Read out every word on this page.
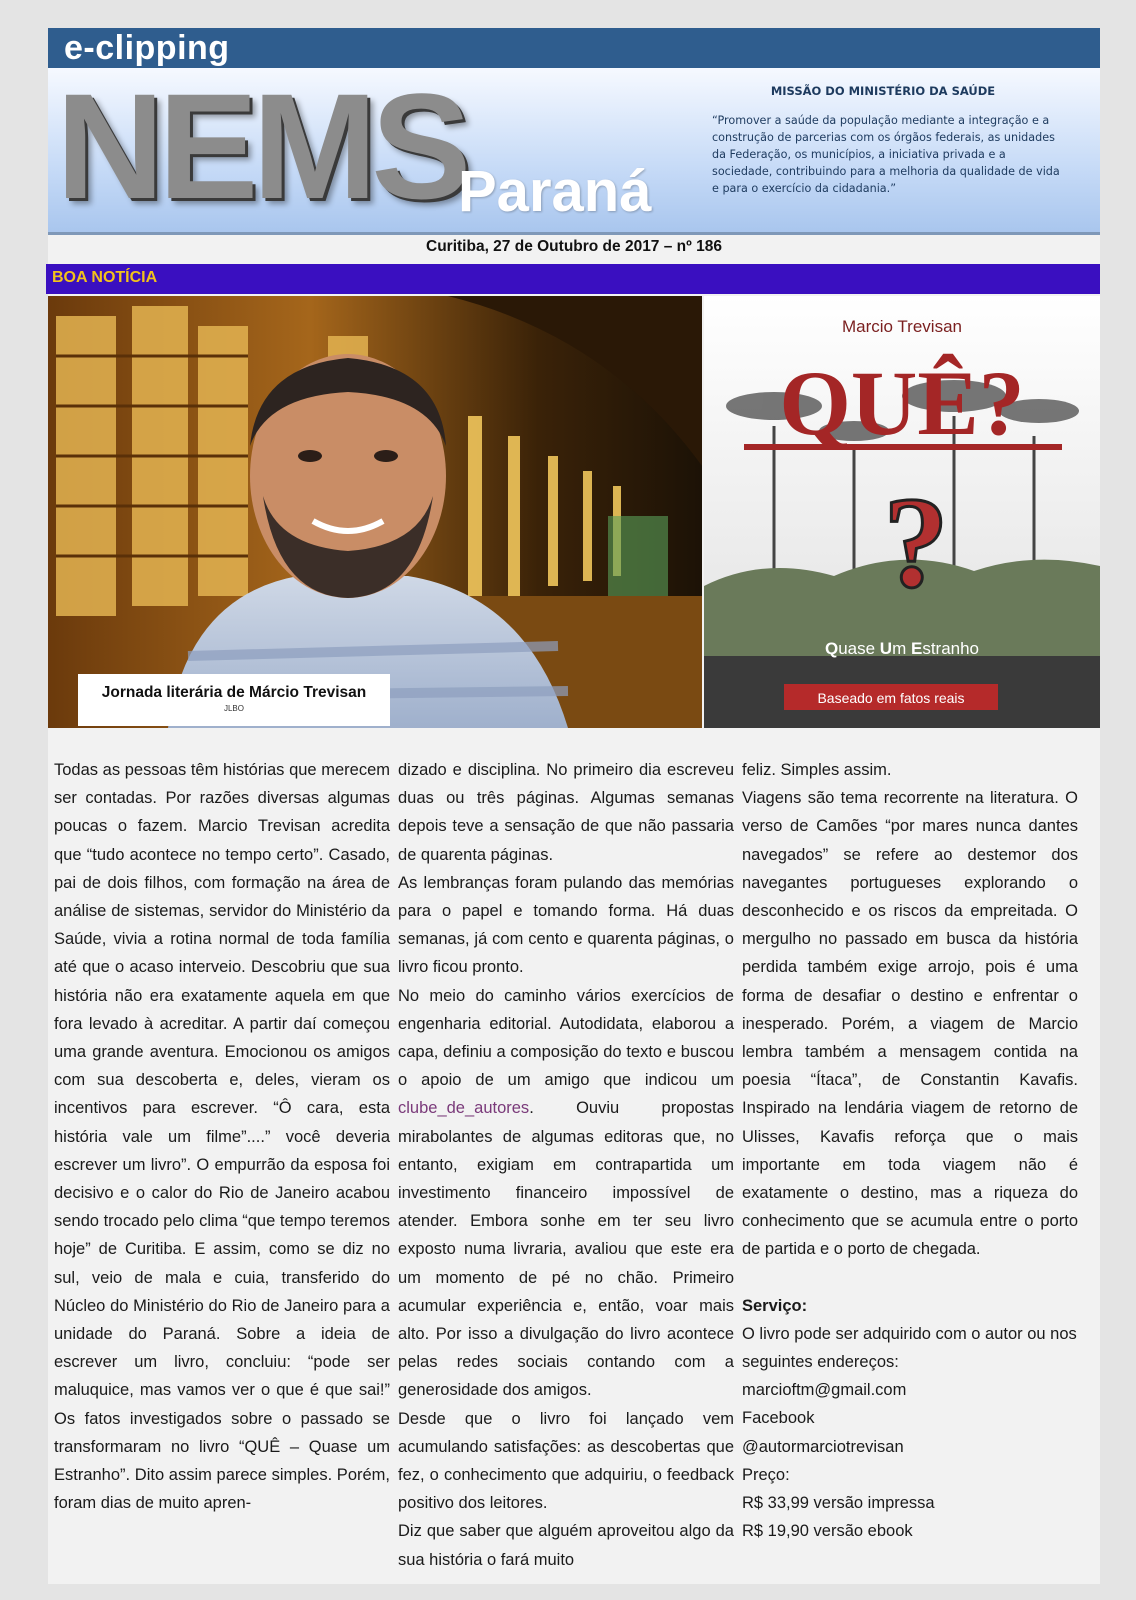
e-clipping
NEMS
Paraná
MISSÃO DO MINISTÉRIO DA SAÚDE
“Promover a saúde da população mediante a integração e a construção de parcerias com os órgãos federais, as unidades da Federação, os municípios, a iniciativa privada e a sociedade, contribuindo para a melhoria da qualidade de vida e para o exercício da cidadania.”
Curitiba, 27 de Outubro de 2017 – nº 186
BOA NOTÍCIA
Jornada literária de Márcio Trevisan
JLBO
Marcio Trevisan
QUÊ?
?
Quase Um Estranho
Baseado em fatos reais

Todas as pessoas têm histórias que merecem ser contadas. Por razões diversas algumas poucas o fazem. Marcio Trevisan acredita que “tudo acontece no tempo certo”. Casado, pai de dois filhos, com formação na área de análise de sistemas, servidor do Ministério da Saúde, vivia a rotina normal de toda família até que o acaso interveio. Descobriu que sua história não era exatamente aquela em que fora levado à acreditar. A partir daí começou uma grande aventura. Emocionou os amigos com sua descoberta e, deles, vieram os incentivos para escrever. “Ô cara, esta história vale um filme”....” você deveria escrever um livro”. O empurrão da esposa foi decisivo e o calor do Rio de Janeiro acabou sendo trocado pelo clima “que tempo teremos hoje” de Curitiba. E assim, como se diz no sul, veio de mala e cuia, transferido do Núcleo do Ministério do Rio de Janeiro para a unidade do Paraná. Sobre a ideia de escrever um livro, concluiu: “pode ser maluquice, mas vamos ver o que é que sai!” Os fatos investigados sobre o passado se transformaram no livro “QUÊ – Quase um Estranho”. Dito assim parece simples. Porém, foram dias de muito apren-

dizado e disciplina. No primeiro dia escreveu duas ou três páginas. Algumas semanas depois teve a sensação de que não passaria de quarenta páginas.

As lembranças foram pulando das memórias para o papel e tomando forma. Há duas semanas, já com cento e quarenta páginas, o livro ficou pronto.

No meio do caminho vários exercícios de engenharia editorial. Autodidata, elaborou a capa, definiu a composição do texto e buscou o apoio de um amigo que indicou um clube_de_autores. Ouviu propostas mirabolantes de algumas editoras que, no entanto, exigiam em contrapartida um investimento financeiro impossível de atender. Embora sonhe em ter seu livro exposto numa livraria, avaliou que este era um momento de pé no chão. Primeiro acumular experiência e, então, voar mais alto. Por isso a divulgação do livro acontece pelas redes sociais contando com a generosidade dos amigos.

Desde que o livro foi lançado vem acumulando satisfações: as descobertas que fez, o conhecimento que adquiriu, o feedback positivo dos leitores.

Diz que saber que alguém aproveitou algo da sua história o fará muito

feliz. Simples assim.

Viagens são tema recorrente na literatura. O verso de Camões “por mares nunca dantes navegados” se refere ao destemor dos navegantes portugueses explorando o desconhecido e os riscos da empreitada. O mergulho no passado em busca da história perdida também exige arrojo, pois é uma forma de desafiar o destino e enfrentar o inesperado. Porém, a viagem de Marcio lembra também a mensagem contida na poesia “Ítaca”, de Constantin Kavafis. Inspirado na lendária viagem de retorno de Ulisses, Kavafis reforça que o mais importante em toda viagem não é exatamente o destino, mas a riqueza do conhecimento que se acumula entre o porto de partida e o porto de chegada.

Serviço:

O livro pode ser adquirido com o autor ou nos seguintes endereços:

marcioftm@gmail.com

Facebook

@autormarciotrevisan

Preço:

R$ 33,99 versão impressa

R$ 19,90 versão ebook
